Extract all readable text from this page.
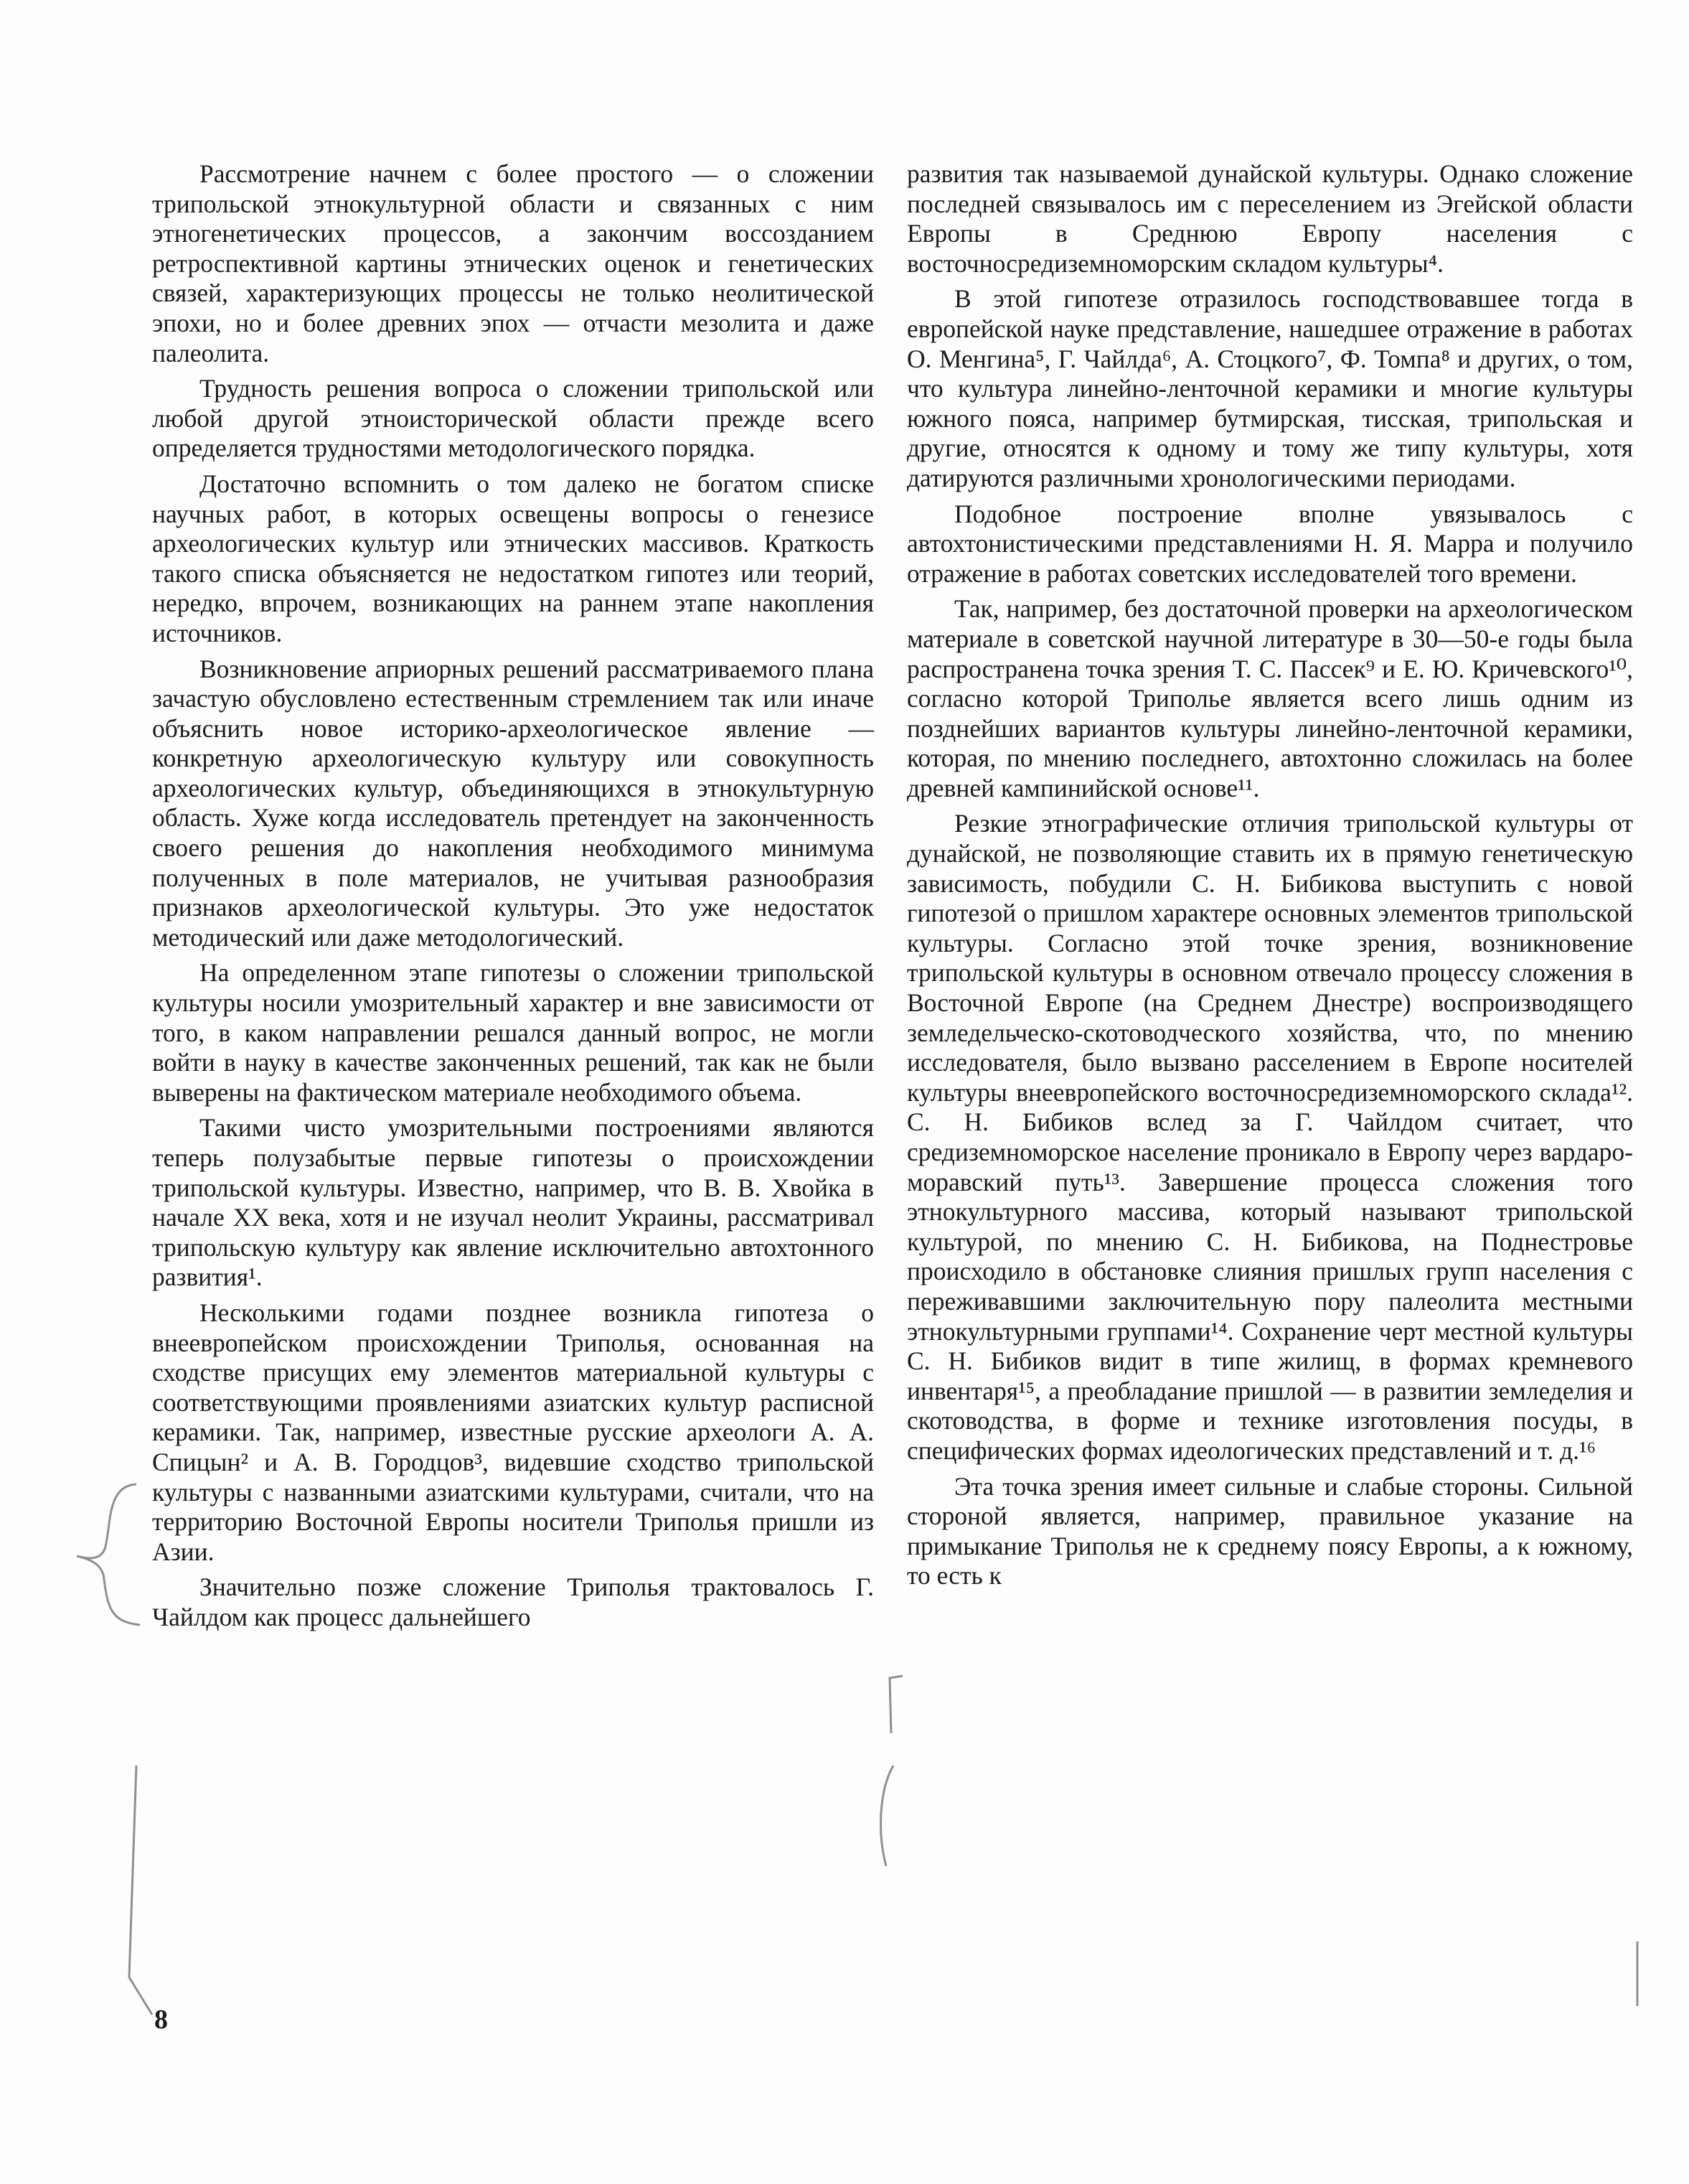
Рассмотрение начнем с более простого — о сложении трипольской этнокультурной области и связанных с ним этногенетических процессов, а закончим воссозданием ретроспективной картины этнических оценок и генетических связей, характеризующих процессы не только неолитической эпохи, но и более древних эпох — отчасти мезолита и даже палеолита.

Трудность решения вопроса о сложении трипольской или любой другой этноисторической области прежде всего определяется трудностями методологического порядка.

Достаточно вспомнить о том далеко не богатом списке научных работ, в которых освещены вопросы о генезисе археологических культур или этнических массивов. Краткость такого списка объясняется не недостатком гипотез или теорий, нередко, впрочем, возникающих на раннем этапе накопления источников.

Возникновение априорных решений рассматриваемого плана зачастую обусловлено естественным стремлением так или иначе объяснить новое историко-археологическое явление — конкретную археологическую культуру или совокупность археологических культур, объединяющихся в этнокультурную область. Хуже когда исследователь претендует на законченность своего решения до накопления необходимого минимума полученных в поле материалов, не учитывая разнообразия признаков археологической культуры. Это уже недостаток методический или даже методологический.

На определенном этапе гипотезы о сложении трипольской культуры носили умозрительный характер и вне зависимости от того, в каком направлении решался данный вопрос, не могли войти в науку в качестве законченных решений, так как не были выверены на фактическом материале необходимого объема.

Такими чисто умозрительными построениями являются теперь полузабытые первые гипотезы о происхождении трипольской культуры. Известно, например, что В. В. Хвойка в начале XX века, хотя и не изучал неолит Украины, рассматривал трипольскую культуру как явление исключительно автохтонного развития¹.

Несколькими годами позднее возникла гипотеза о внеевропейском происхождении Триполья, основанная на сходстве присущих ему элементов материальной культуры с соответствующими проявлениями азиатских культур расписной керамики. Так, например, известные русские археологи А. А. Спицын² и А. В. Городцов³, видевшие сходство трипольской культуры с названными азиатскими культурами, считали, что на территорию Восточной Европы носители Триполья пришли из Азии.

Значительно позже сложение Триполья трактовалось Г. Чайлдом как процесс дальнейшего

развития так называемой дунайской культуры. Однако сложение последней связывалось им с переселением из Эгейской области Европы в Среднюю Европу населения с восточносредиземноморским складом культуры⁴.

В этой гипотезе отразилось господствовавшее тогда в европейской науке представление, нашедшее отражение в работах О. Менгина⁵, Г. Чайлда⁶, А. Стоцкого⁷, Ф. Томпа⁸ и других, о том, что культура линейно-ленточной керамики и многие культуры южного пояса, например бутмирская, тисская, трипольская и другие, относятся к одному и тому же типу культуры, хотя датируются различными хронологическими периодами.

Подобное построение вполне увязывалось с автохтонистическими представлениями Н. Я. Марра и получило отражение в работах советских исследователей того времени.

Так, например, без достаточной проверки на археологическом материале в советской научной литературе в 30—50-е годы была распространена точка зрения Т. С. Пассек⁹ и Е. Ю. Кричевского¹⁰, согласно которой Триполье является всего лишь одним из позднейших вариантов культуры линейно-ленточной керамики, которая, по мнению последнего, автохтонно сложилась на более древней кампинийской основе¹¹.

Резкие этнографические отличия трипольской культуры от дунайской, не позволяющие ставить их в прямую генетическую зависимость, побудили С. Н. Бибикова выступить с новой гипотезой о пришлом характере основных элементов трипольской культуры. Согласно этой точке зрения, возникновение трипольской культуры в основном отвечало процессу сложения в Восточной Европе (на Среднем Днестре) воспроизводящего земледельческо-скотоводческого хозяйства, что, по мнению исследователя, было вызвано расселением в Европе носителей культуры внеевропейского восточносредиземноморского склада¹². С. Н. Бибиков вслед за Г. Чайлдом считает, что средиземноморское население проникало в Европу через вардаро-моравский путь¹³. Завершение процесса сложения того этнокультурного массива, который называют трипольской культурой, по мнению С. Н. Бибикова, на Поднестровье происходило в обстановке слияния пришлых групп населения с переживавшими заключительную пору палеолита местными этнокультурными группами¹⁴. Сохранение черт местной культуры С. Н. Бибиков видит в типе жилищ, в формах кремневого инвентаря¹⁵, а преобладание пришлой — в развитии земледелия и скотоводства, в форме и технике изготовления посуды, в специфических формах идеологических представлений и т. д.¹⁶

Эта точка зрения имеет сильные и слабые стороны. Сильной стороной является, например, правильное указание на примыкание Триполья не к среднему поясу Европы, а к южному, то есть к

8
